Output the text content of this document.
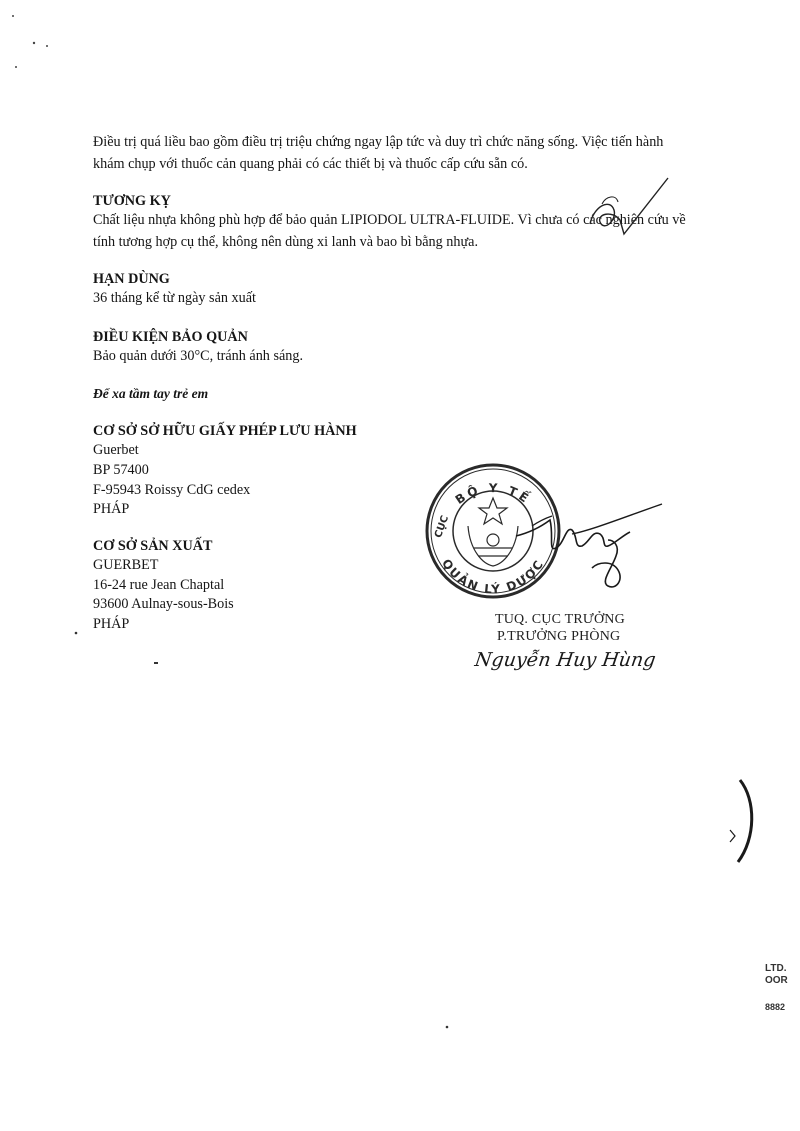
Điều trị quá liều bao gồm điều trị triệu chứng ngay lập tức và duy trì chức năng sống. Việc tiến hành
khám chụp với thuốc cản quang phải có các thiết bị và thuốc cấp cứu sẵn có.
TƯƠNG KỴ
Chất liệu nhựa không phù hợp để bảo quản LIPIODOL ULTRA-FLUIDE. Vì chưa có các nghiên cứu về
tính tương hợp cụ thể, không nên dùng xi lanh và bao bì bằng nhựa.
HẠN DÙNG
36 tháng kể từ ngày sản xuất
ĐIỀU KIỆN BẢO QUẢN
Bảo quản dưới 30°C, tránh ánh sáng.
Để xa tầm tay trẻ em
CƠ SỞ SỞ HỮU GIẤY PHÉP LƯU HÀNH
Guerbet
BP 57400
F-95943 Roissy CdG cedex
PHÁP
CƠ SỞ SẢN XUẤT
GUERBET
16-24 rue Jean Chaptal
93600 Aulnay-sous-Bois
PHÁP
BỘ Y TẾ
QUẢN LÝ DƯỢC
CỤC
TUQ. CỤC TRƯỞNG
P.TRƯỞNG PHÒNG
Nguyễn Huy Hùng
LTD.
OOR
8882
